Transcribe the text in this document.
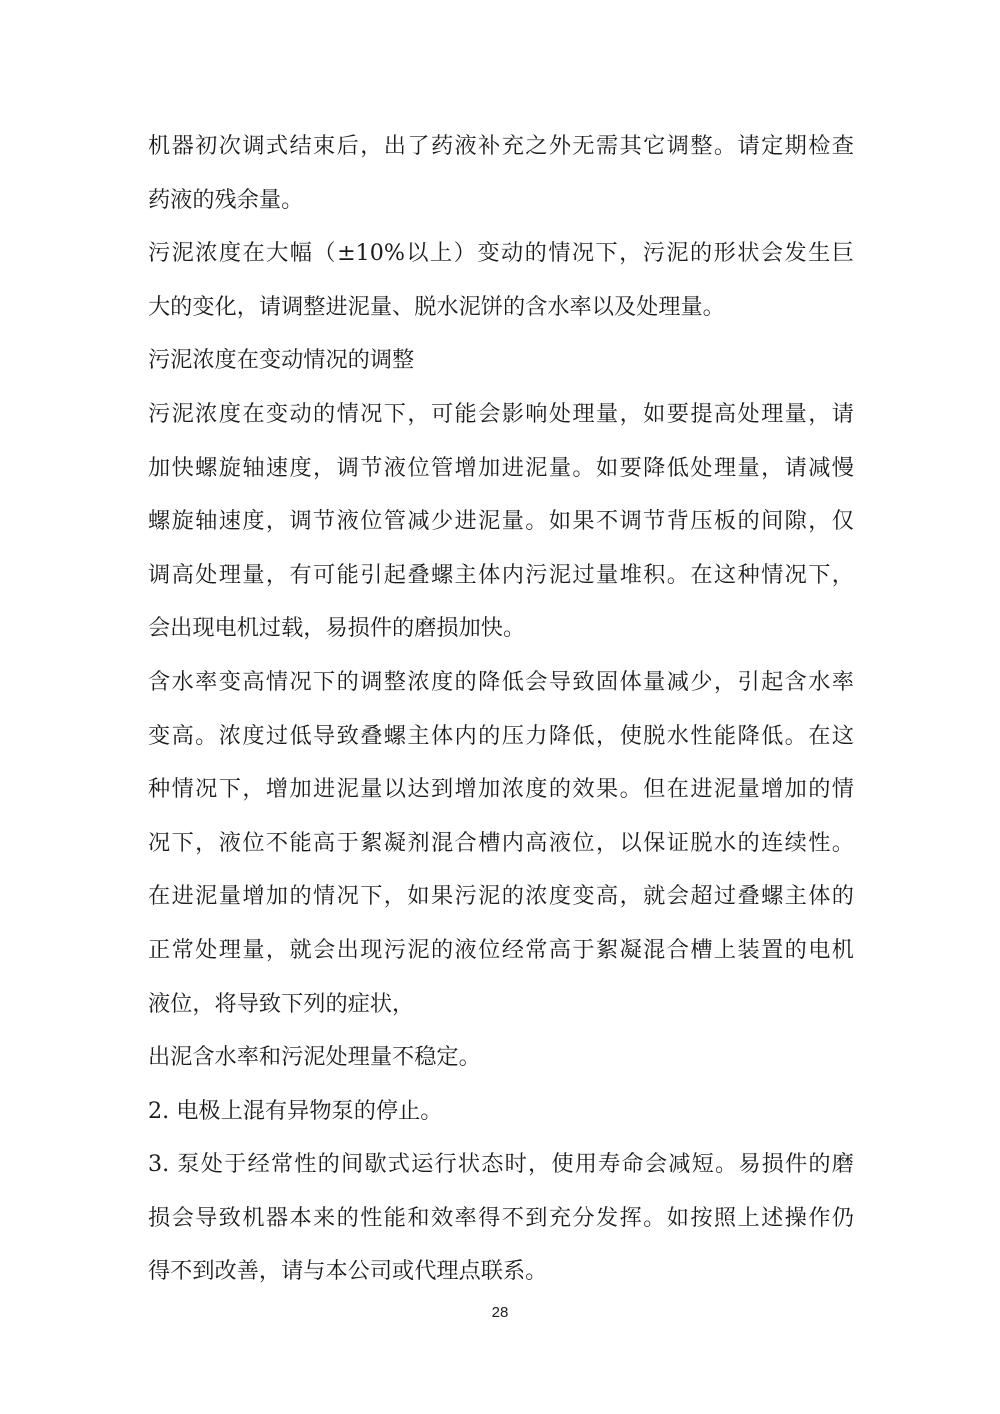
机器初次调式结束后，出了药液补充之外无需其它调整。请定期检查
药液的残余量。
污泥浓度在大幅（±10%以上）变动的情况下，污泥的形状会发生巨
大的变化，请调整进泥量、脱水泥饼的含水率以及处理量。
污泥浓度在变动情况的调整
污泥浓度在变动的情况下，可能会影响处理量，如要提高处理量，请
加快螺旋轴速度，调节液位管增加进泥量。如要降低处理量，请减慢
螺旋轴速度，调节液位管减少进泥量。如果不调节背压板的间隙，仅
调高处理量，有可能引起叠螺主体内污泥过量堆积。在这种情况下，
会出现电机过载，易损件的磨损加快。
含水率变高情况下的调整浓度的降低会导致固体量减少，引起含水率
变高。浓度过低导致叠螺主体内的压力降低，使脱水性能降低。在这
种情况下，增加进泥量以达到增加浓度的效果。但在进泥量增加的情
况下，液位不能高于絮凝剂混合槽内高液位，以保证脱水的连续性。
在进泥量增加的情况下，如果污泥的浓度变高，就会超过叠螺主体的
正常处理量，就会出现污泥的液位经常高于絮凝混合槽上装置的电机
液位，将导致下列的症状，
出泥含水率和污泥处理量不稳定。
2. 电极上混有异物泵的停止。
3. 泵处于经常性的间歇式运行状态时，使用寿命会减短。易损件的磨
损会导致机器本来的性能和效率得不到充分发挥。如按照上述操作仍
得不到改善，请与本公司或代理点联系。
28
